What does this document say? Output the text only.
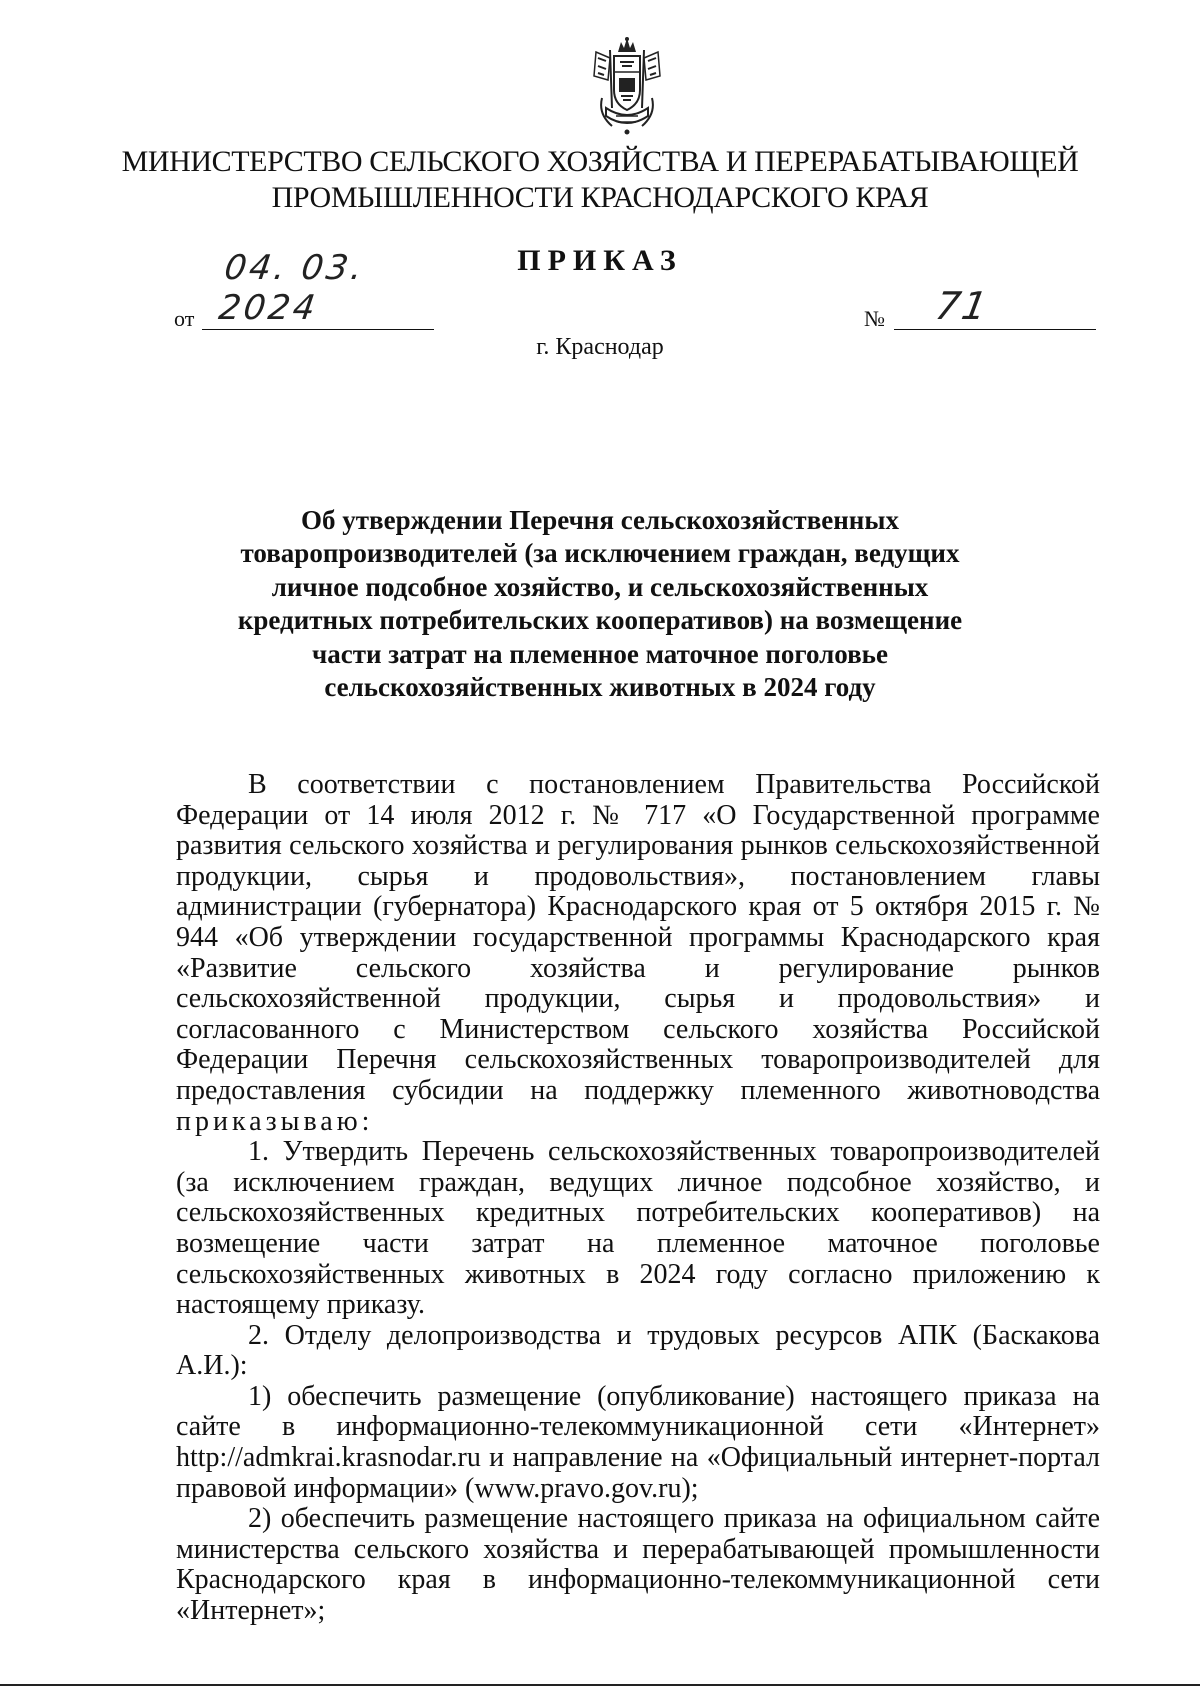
МИНИСТЕРСТВО СЕЛЬСКОГО ХОЗЯЙСТВА И ПЕРЕРАБАТЫВАЮЩЕЙ
ПРОМЫШЛЕННОСТИ КРАСНОДАРСКОГО КРАЯ
ПРИКАЗ
от
04. 03. 2024	№ 71
г. Краснодар
Об утверждении Перечня сельскохозяйственных
товаропроизводителей (за исключением граждан, ведущих
личное подсобное хозяйство, и сельскохозяйственных
кредитных потребительских кооперативов) на возмещение
части затрат на племенное маточное поголовье
сельскохозяйственных животных в 2024 году

В соответствии с постановлением Правительства Российской Федерации от 14 июля 2012 г. № 717 «О Государственной программе развития сельского хозяйства и регулирования рынков сельскохозяйственной продукции, сырья и продовольствия», постановлением главы администрации (губернатора) Краснодарского края от 5 октября 2015 г. № 944 «Об утверждении государственной программы Краснодарского края «Развитие сельского хозяйства и регулирование рынков сельскохозяйственной продукции, сырья и продовольствия» и согласованного с Министерством сельского хозяйства Российской Федерации Перечня сельскохозяйственных товаропроизводителей для предоставления субсидии на поддержку племенного животноводства приказываю:

1. Утвердить Перечень сельскохозяйственных товаропроизводителей (за исключением граждан, ведущих личное подсобное хозяйство, и сельскохозяйственных кредитных потребительских кооперативов) на возмещение части затрат на племенное маточное поголовье сельскохозяйственных животных в 2024 году согласно приложению к настоящему приказу.

2. Отделу делопроизводства и трудовых ресурсов АПК (Баскакова А.И.):

1) обеспечить размещение (опубликование) настоящего приказа на сайте в информационно-телекоммуникационной сети «Интернет» http://admkrai.krasnodar.ru и направление на «Официальный интернет-портал правовой информации» (www.pravo.gov.ru);

2) обеспечить размещение настоящего приказа на официальном сайте министерства сельского хозяйства и перерабатывающей промышленности Краснодарского края в информационно-телекоммуникационной сети «Интернет»;
